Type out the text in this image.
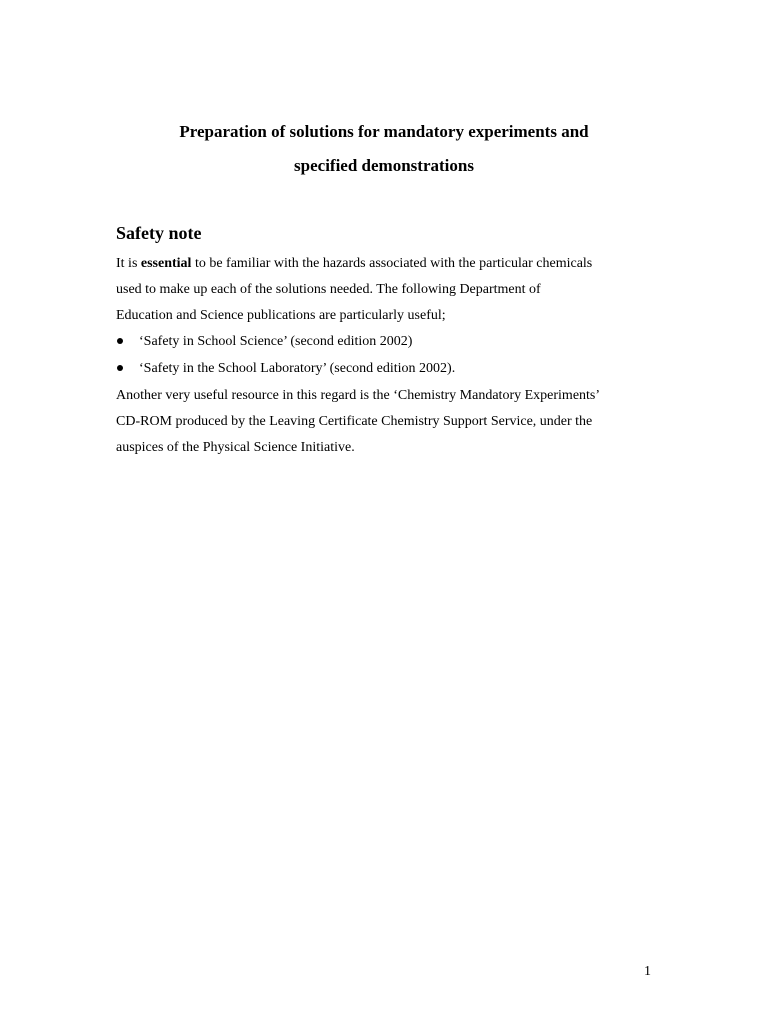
Preparation of solutions for mandatory experiments and
specified demonstrations
Safety note

It is essential to be familiar with the hazards associated with the particular chemicals
used to make up each of the solutions needed. The following Department of
Education and Science publications are particularly useful;

‘Safety in School Science’ (second edition 2002)
‘Safety in the School Laboratory’ (second edition 2002).

Another very useful resource in this regard is the ‘Chemistry Mandatory Experiments’
CD-ROM produced by the Leaving Certificate Chemistry Support Service, under the
auspices of the Physical Science Initiative.

1
